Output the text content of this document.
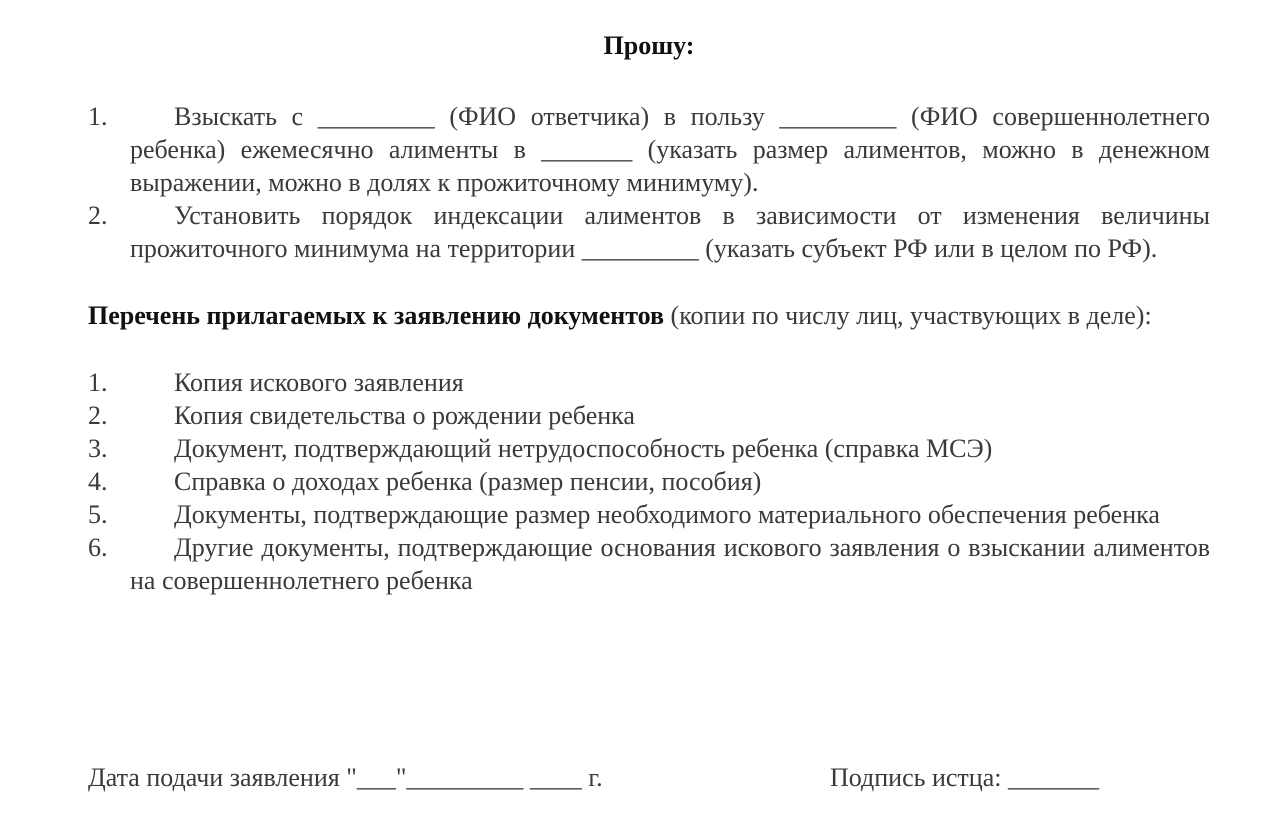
Прошу:
1.	Взыскать с _________ (ФИО ответчика) в пользу _________ (ФИО совершеннолетнего ребенка) ежемесячно алименты в _______ (указать размер алиментов, можно в денежном выражении, можно в долях к прожиточному минимуму).
2.	Установить порядок индексации алиментов в зависимости от изменения величины прожиточного минимума на территории _________ (указать субъект РФ или в целом по РФ).
Перечень прилагаемых к заявлению документов (копии по числу лиц, участвующих в деле):
1.	Копия искового заявления
2.	Копия свидетельства о рождении ребенка
3.	Документ, подтверждающий нетрудоспособность ребенка (справка МСЭ)
4.	Справка о доходах ребенка (размер пенсии, пособия)
5.	Документы, подтверждающие размер необходимого материального обеспечения ребенка
6.	Другие документы, подтверждающие основания искового заявления о взыскании алиментов на совершеннолетнего ребенка
Дата подачи заявления "___"_________ ____ г.	Подпись истца: _______
